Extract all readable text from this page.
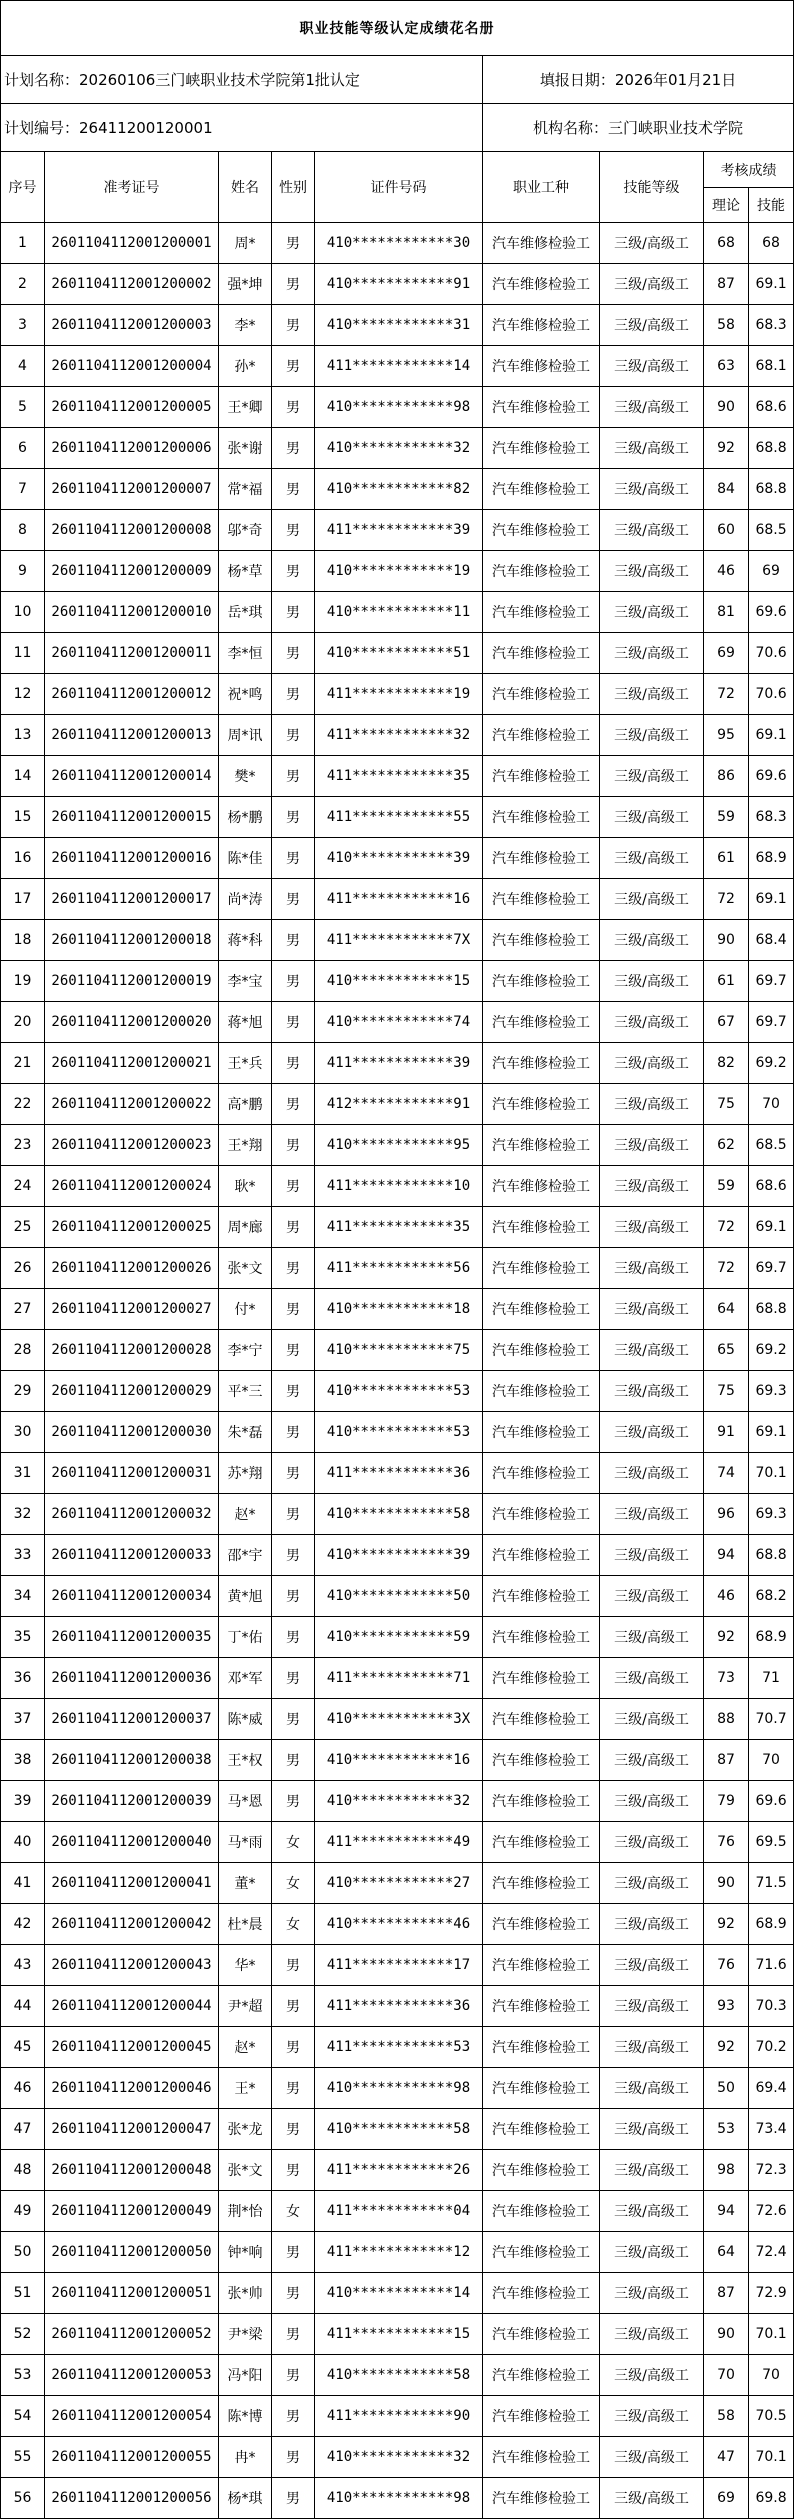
职业技能等级认定成绩花名册								
计划名称：20260106三门峡职业技术学院第1批认定					填报日期：2026年01月21日			
计划编号：26411200120001					机构名称：三门峡职业技术学院			
序号	准考证号	姓名	性别	证件号码	职业工种	技能等级	考核成绩	
							理论	技能
1	2601104112001200001	周*	男	410************30	汽车维修检验工	三级/高级工	68	68
2	2601104112001200002	强*坤	男	410************91	汽车维修检验工	三级/高级工	87	69.1
3	2601104112001200003	李*	男	410************31	汽车维修检验工	三级/高级工	58	68.3
4	2601104112001200004	孙*	男	411************14	汽车维修检验工	三级/高级工	63	68.1
5	2601104112001200005	王*卿	男	410************98	汽车维修检验工	三级/高级工	90	68.6
6	2601104112001200006	张*谢	男	410************32	汽车维修检验工	三级/高级工	92	68.8
7	2601104112001200007	常*福	男	410************82	汽车维修检验工	三级/高级工	84	68.8
8	2601104112001200008	邬*奇	男	411************39	汽车维修检验工	三级/高级工	60	68.5
9	2601104112001200009	杨*草	男	410************19	汽车维修检验工	三级/高级工	46	69
10	2601104112001200010	岳*琪	男	410************11	汽车维修检验工	三级/高级工	81	69.6
11	2601104112001200011	李*恒	男	410************51	汽车维修检验工	三级/高级工	69	70.6
12	2601104112001200012	祝*鸣	男	411************19	汽车维修检验工	三级/高级工	72	70.6
13	2601104112001200013	周*讯	男	411************32	汽车维修检验工	三级/高级工	95	69.1
14	2601104112001200014	樊*	男	411************35	汽车维修检验工	三级/高级工	86	69.6
15	2601104112001200015	杨*鹏	男	411************55	汽车维修检验工	三级/高级工	59	68.3
16	2601104112001200016	陈*佳	男	410************39	汽车维修检验工	三级/高级工	61	68.9
17	2601104112001200017	尚*涛	男	411************16	汽车维修检验工	三级/高级工	72	69.1
18	2601104112001200018	蒋*科	男	411************7X	汽车维修检验工	三级/高级工	90	68.4
19	2601104112001200019	李*宝	男	410************15	汽车维修检验工	三级/高级工	61	69.7
20	2601104112001200020	蒋*旭	男	410************74	汽车维修检验工	三级/高级工	67	69.7
21	2601104112001200021	王*兵	男	411************39	汽车维修检验工	三级/高级工	82	69.2
22	2601104112001200022	高*鹏	男	412************91	汽车维修检验工	三级/高级工	75	70
23	2601104112001200023	王*翔	男	410************95	汽车维修检验工	三级/高级工	62	68.5
24	2601104112001200024	耿*	男	411************10	汽车维修检验工	三级/高级工	59	68.6
25	2601104112001200025	周*廊	男	411************35	汽车维修检验工	三级/高级工	72	69.1
26	2601104112001200026	张*文	男	411************56	汽车维修检验工	三级/高级工	72	69.7
27	2601104112001200027	付*	男	410************18	汽车维修检验工	三级/高级工	64	68.8
28	2601104112001200028	李*宁	男	410************75	汽车维修检验工	三级/高级工	65	69.2
29	2601104112001200029	平*三	男	410************53	汽车维修检验工	三级/高级工	75	69.3
30	2601104112001200030	朱*磊	男	410************53	汽车维修检验工	三级/高级工	91	69.1
31	2601104112001200031	苏*翔	男	411************36	汽车维修检验工	三级/高级工	74	70.1
32	2601104112001200032	赵*	男	410************58	汽车维修检验工	三级/高级工	96	69.3
33	2601104112001200033	邵*宇	男	410************39	汽车维修检验工	三级/高级工	94	68.8
34	2601104112001200034	黄*旭	男	410************50	汽车维修检验工	三级/高级工	46	68.2
35	2601104112001200035	丁*佑	男	410************59	汽车维修检验工	三级/高级工	92	68.9
36	2601104112001200036	邓*军	男	411************71	汽车维修检验工	三级/高级工	73	71
37	2601104112001200037	陈*威	男	410************3X	汽车维修检验工	三级/高级工	88	70.7
38	2601104112001200038	王*权	男	410************16	汽车维修检验工	三级/高级工	87	70
39	2601104112001200039	马*恩	男	410************32	汽车维修检验工	三级/高级工	79	69.6
40	2601104112001200040	马*雨	女	411************49	汽车维修检验工	三级/高级工	76	69.5
41	2601104112001200041	董*	女	410************27	汽车维修检验工	三级/高级工	90	71.5
42	2601104112001200042	杜*晨	女	410************46	汽车维修检验工	三级/高级工	92	68.9
43	2601104112001200043	华*	男	411************17	汽车维修检验工	三级/高级工	76	71.6
44	2601104112001200044	尹*超	男	411************36	汽车维修检验工	三级/高级工	93	70.3
45	2601104112001200045	赵*	男	411************53	汽车维修检验工	三级/高级工	92	70.2
46	2601104112001200046	王*	男	410************98	汽车维修检验工	三级/高级工	50	69.4
47	2601104112001200047	张*龙	男	410************58	汽车维修检验工	三级/高级工	53	73.4
48	2601104112001200048	张*文	男	411************26	汽车维修检验工	三级/高级工	98	72.3
49	2601104112001200049	荆*怡	女	411************04	汽车维修检验工	三级/高级工	94	72.6
50	2601104112001200050	钟*响	男	411************12	汽车维修检验工	三级/高级工	64	72.4
51	2601104112001200051	张*帅	男	410************14	汽车维修检验工	三级/高级工	87	72.9
52	2601104112001200052	尹*梁	男	411************15	汽车维修检验工	三级/高级工	90	70.1
53	2601104112001200053	冯*阳	男	410************58	汽车维修检验工	三级/高级工	70	70
54	2601104112001200054	陈*博	男	411************90	汽车维修检验工	三级/高级工	58	70.5
55	2601104112001200055	冉*	男	410************32	汽车维修检验工	三级/高级工	47	70.1
56	2601104112001200056	杨*琪	男	410************98	汽车维修检验工	三级/高级工	69	69.8
